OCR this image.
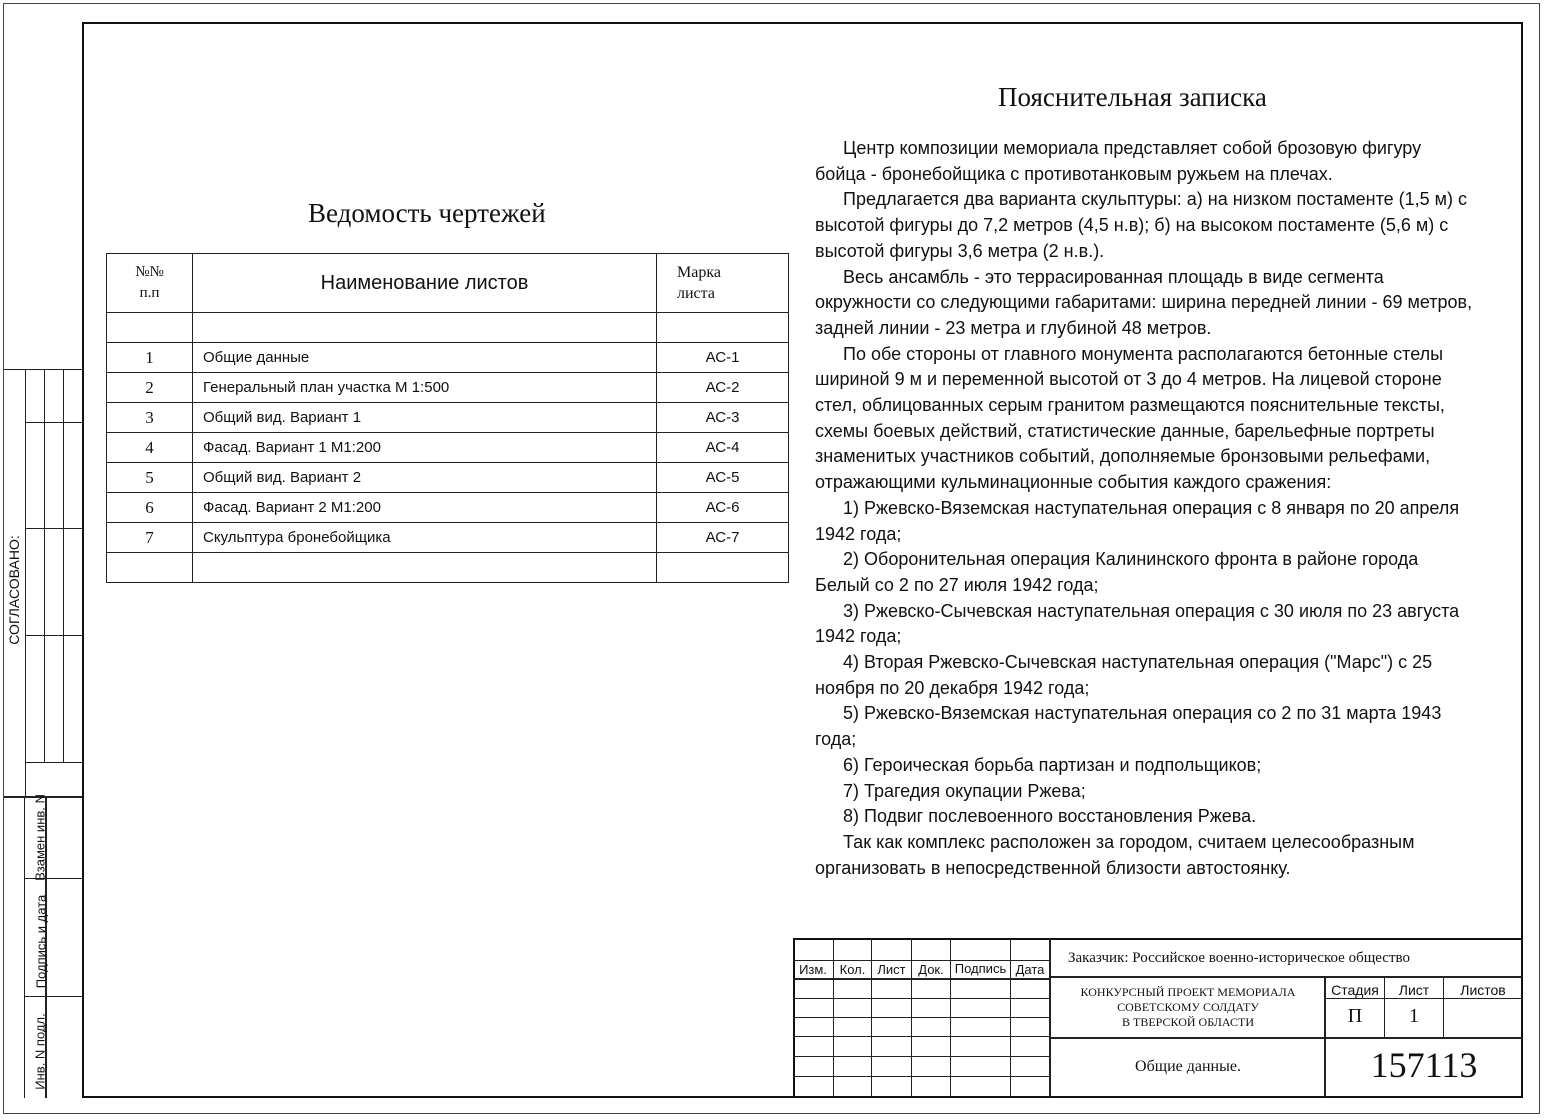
СОГЛАСОВАНО:
Взамен инв. N
Подпись и дата
Инв. N подл.
Ведомость чертежей
№№
п.п	Наименование листов	Марка
листа

1	Общие данные	АС-1
2	Генеральный план участка М 1:500	АС-2
3	Общий вид. Вариант 1	АС-3
4	Фасад. Вариант 1 М1:200	АС-4
5	Общий вид. Вариант 2	АС-5
6	Фасад. Вариант 2 М1:200	АС-6
7	Скульптура бронебойщика	АС-7

Пояснительная записка

Центр композиции мемориала представляет собой брозовую фигуру бойца - бронебойщика с противотанковым ружьем на плечах.

Предлагается два варианта скульптуры: а) на низком постаменте (1,5 м) с высотой фигуры до 7,2 метров (4,5 н.в); б) на высоком постаменте (5,6 м) с высотой фигуры 3,6 метра (2 н.в.).

Весь ансамбль - это террасированная площадь в виде сегмента окружности со следующими габаритами: ширина передней линии - 69 метров, задней линии - 23 метра и глубиной 48 метров.

По обе стороны от главного монумента располагаются бетонные стелы шириной 9 м и переменной высотой от 3 до 4 метров. На лицевой стороне стел, облицованных серым гранитом размещаются пояснительные тексты, схемы боевых действий, статистические данные, барельефные портреты знаменитых участников событий, дополняемые бронзовыми рельефами, отражающими кульминационные события каждого сражения:

1) Ржевско-Вяземская наступательная операция с 8 января по 20 апреля 1942 года;

2) Оборонительная операция Калининского фронта в районе города Белый со 2 по 27 июля 1942 года;

3) Ржевско-Сычевская наступательная операция с 30 июля по 23 августа 1942 года;

4) Вторая Ржевско-Сычевская наступательная операция ("Марс") с 25 ноября по 20 декабря 1942 года;

5) Ржевско-Вяземская наступательная операция со 2 по 31 марта 1943 года;

6) Героическая борьба партизан и подпольщиков;

7) Трагедия окупации Ржева;

8) Подвиг послевоенного восстановления Ржева.

Так как комплекс расположен за городом, считаем целесообразным организовать в непосредственной близости автостоянку.

Изм. Кол. Лист Док. Подпись Дата
Заказчик: Российское военно-историческое общество
КОНКУРСНЫЙ ПРОЕКТ МЕМОРИАЛА
СОВЕТСКОМУ СОЛДАТУ
В ТВЕРСКОЙ ОБЛАСТИ
Стадия	Лист	Листов
П	1
Общие данные.	157113
